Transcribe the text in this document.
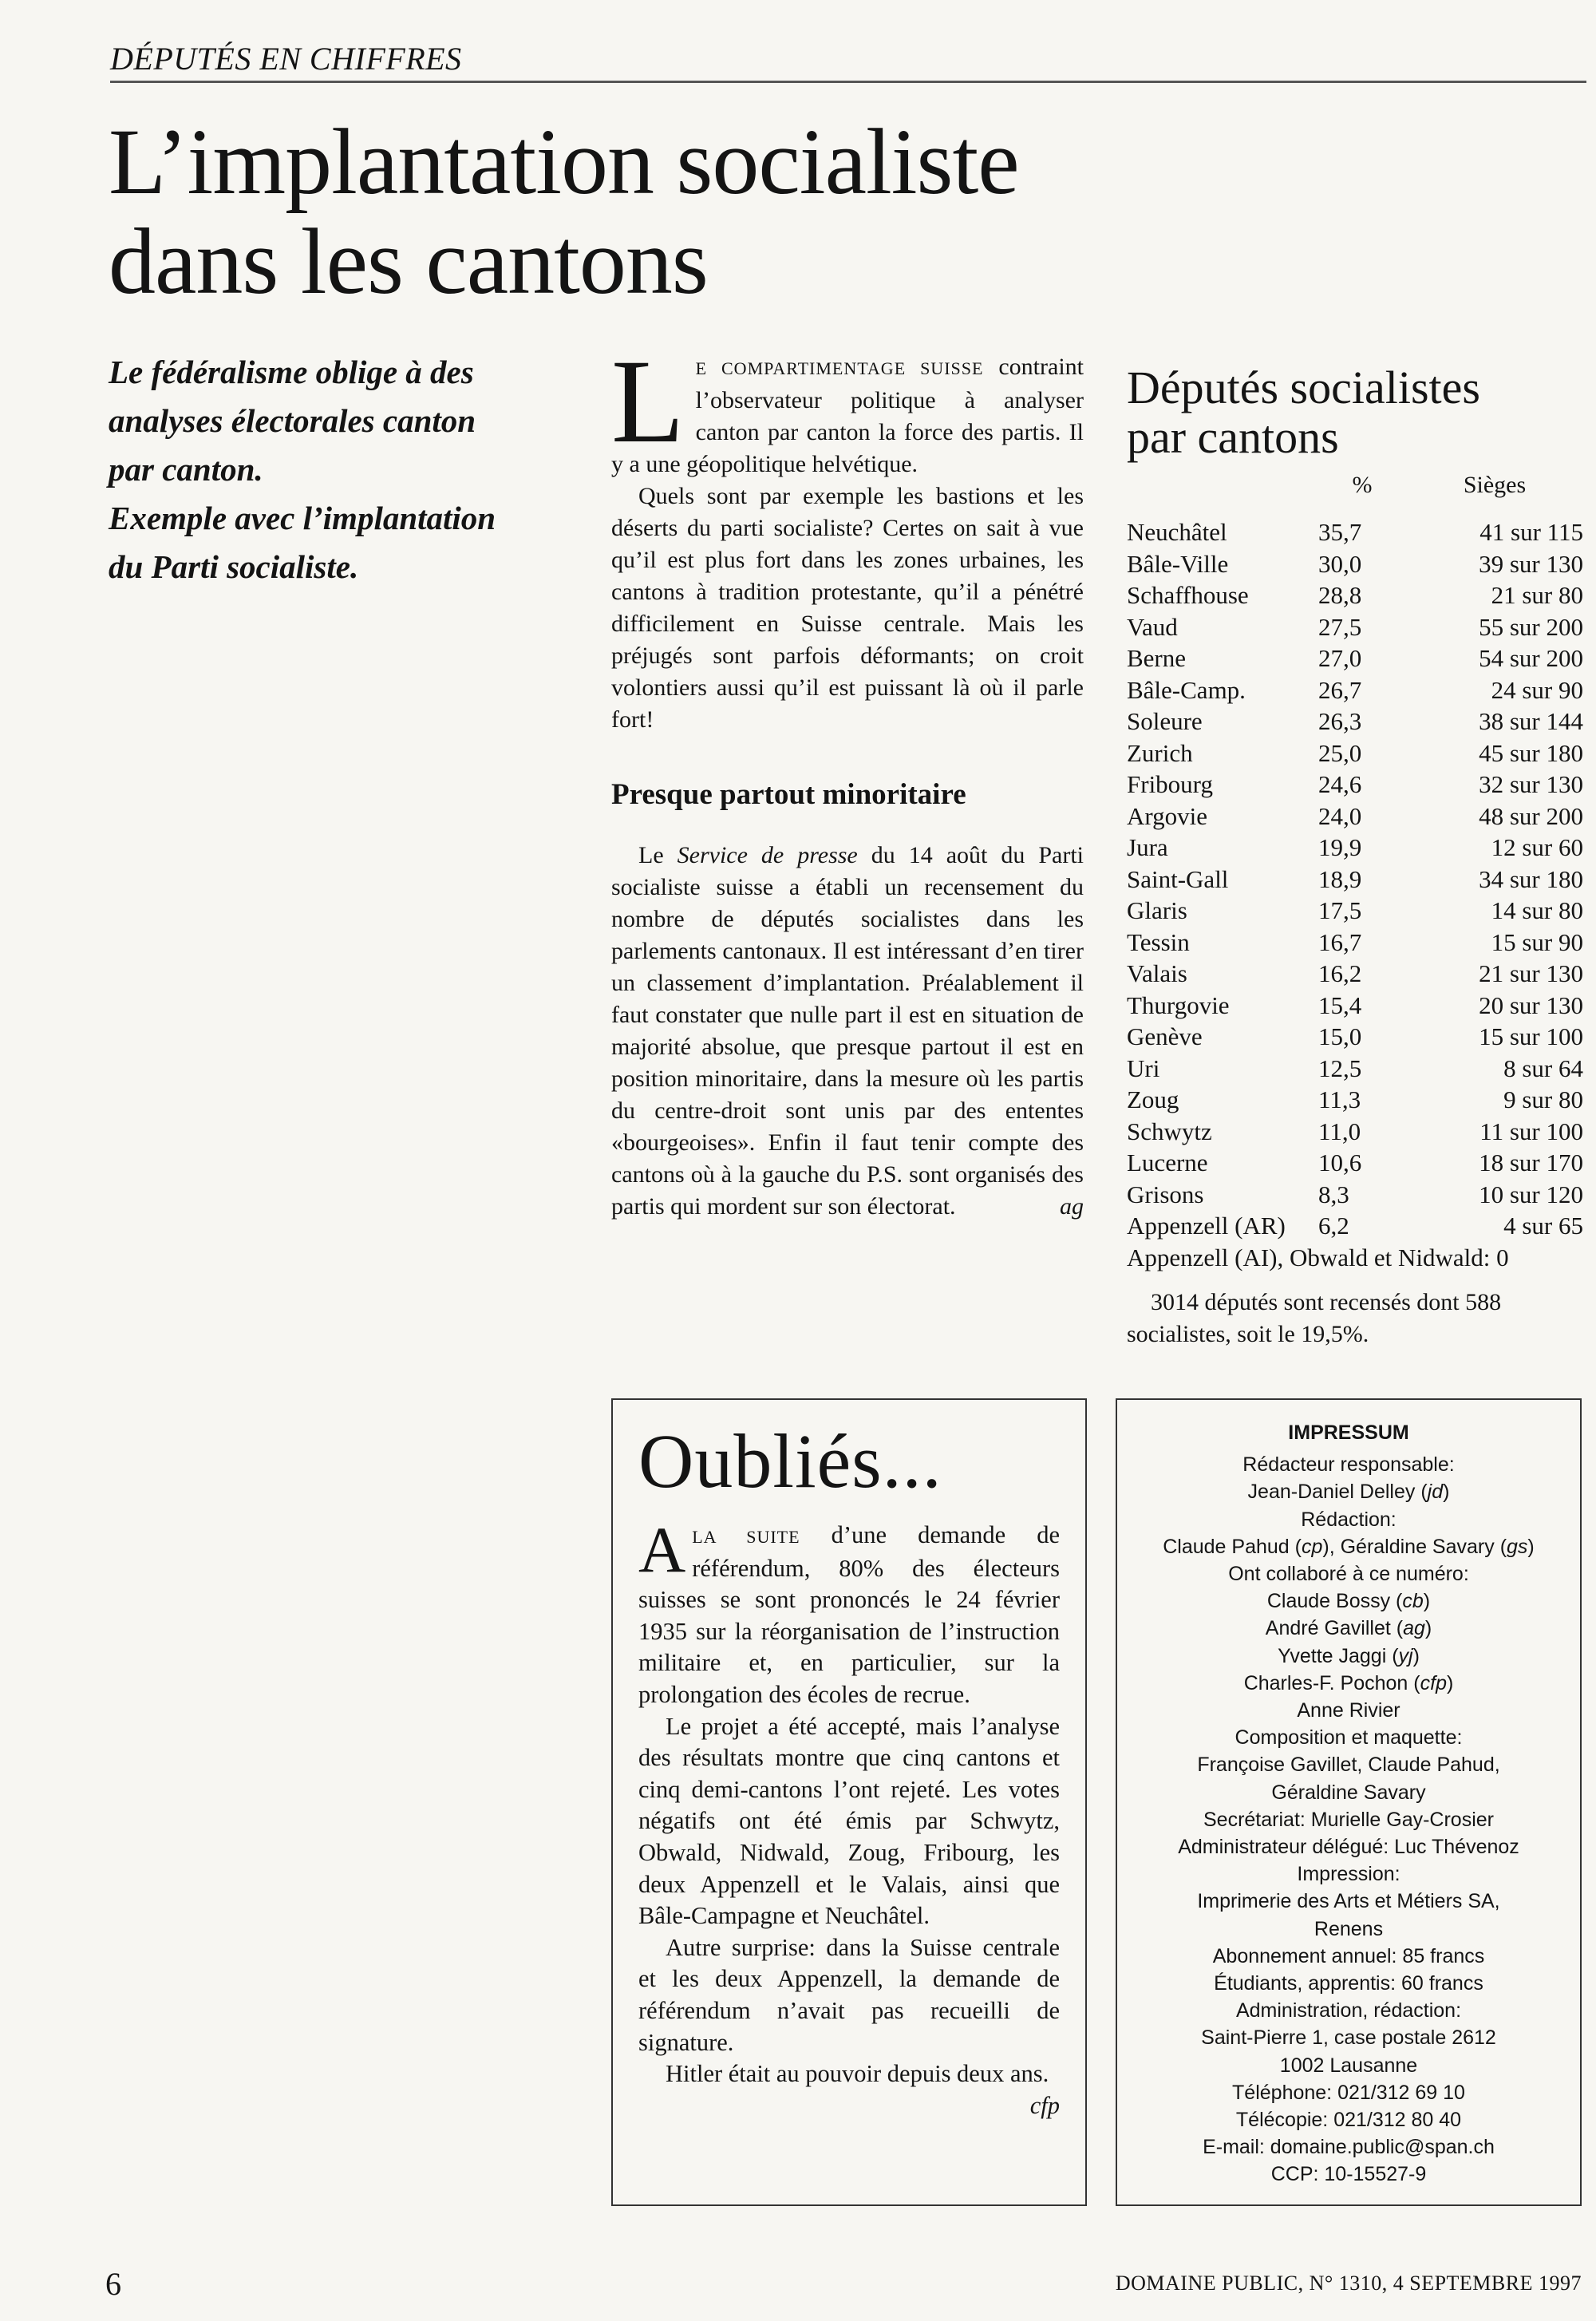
DÉPUTÉS EN CHIFFRES
L’implantation socialiste
dans les cantons
Le fédéralisme oblige à des
analyses électorales canton
par canton.
Exemple avec l’implantation
du Parti socialiste.

LE COMPARTIMENTAGE SUISSE contraint l’observateur politique à analyser canton par canton la force des partis. Il y a une géopolitique helvétique.

Quels sont par exemple les bastions et les déserts du parti socialiste? Certes on sait à vue qu’il est plus fort dans les zones urbaines, les cantons à tradition protestante, qu’il a pénétré difficilement en Suisse centrale. Mais les préjugés sont parfois déformants; on croit volontiers aussi qu’il est puissant là où il parle fort!

Presque partout minoritaire

Le Service de presse du 14 août du Parti socialiste suisse a établi un recensement du nombre de députés socialistes dans les parlements cantonaux. Il est intéressant d’en tirer un classement d’implantation. Préalablement il faut constater que nulle part il est en situation de majorité absolue, que presque partout il est en position minoritaire, dans la mesure où les partis du centre-droit sont unis par des ententes «bourgeoises». Enfin il faut tenir compte des cantons où à la gauche du P.S. sont organisés des partis qui mordent sur son électorat.	ag

Députés socialistes
par cantons
	%	Sièges
Neuchâtel	35,7	41 sur 115
Bâle-Ville	30,0	39 sur 130
Schaffhouse	28,8	21 sur 80
Vaud	27,5	55 sur 200
Berne	27,0	54 sur 200
Bâle-Camp.	26,7	24 sur 90
Soleure	26,3	38 sur 144
Zurich	25,0	45 sur 180
Fribourg	24,6	32 sur 130
Argovie	24,0	48 sur 200
Jura	19,9	12 sur 60
Saint-Gall	18,9	34 sur 180
Glaris	17,5	14 sur 80
Tessin	16,7	15 sur 90
Valais	16,2	21 sur 130
Thurgovie	15,4	20 sur 130
Genève	15,0	15 sur 100
Uri	12,5	8 sur 64
Zoug	11,3	9 sur 80
Schwytz	11,0	11 sur 100
Lucerne	10,6	18 sur 170
Grisons	8,3	10 sur 120
Appenzell (AR)	6,2	4 sur 65
Appenzell (AI), Obwald et Nidwald: 0
3014 députés sont recensés dont 588 socialistes, soit le 19,5%.
Oubliés...

ALA SUITE d’une demande de référendum, 80% des électeurs suisses se sont prononcés le 24 février 1935 sur la réorganisation de l’instruction militaire et, en particulier, sur la prolongation des écoles de recrue.

Le projet a été accepté, mais l’analyse des résultats montre que cinq cantons et cinq demi-cantons l’ont rejeté. Les votes négatifs ont été émis par Schwytz, Obwald, Nidwald, Zoug, Fribourg, les deux Appenzell et le Valais, ainsi que Bâle-Campagne et Neuchâtel.

Autre surprise: dans la Suisse centrale et les deux Appenzell, la demande de référendum n’avait pas recueilli de signature.

Hitler était au pouvoir depuis deux ans.
cfp

IMPRESSUM
Rédacteur responsable:
Jean-Daniel Delley (jd)
Rédaction:
Claude Pahud (cp), Géraldine Savary (gs)
Ont collaboré à ce numéro:
Claude Bossy (cb)
André Gavillet (ag)
Yvette Jaggi (yj)
Charles-F. Pochon (cfp)
Anne Rivier
Composition et maquette:
Françoise Gavillet, Claude Pahud,
Géraldine Savary
Secrétariat: Murielle Gay-Crosier
Administrateur délégué: Luc Thévenoz
Impression:
Imprimerie des Arts et Métiers SA,
Renens
Abonnement annuel: 85 francs
Étudiants, apprentis: 60 francs
Administration, rédaction:
Saint-Pierre 1, case postale 2612
1002 Lausanne
Téléphone: 021/312 69 10
Télécopie: 021/312 80 40
E-mail: domaine.public@span.ch
CCP: 10-15527-9
6	DOMAINE PUBLIC, N° 1310, 4 SEPTEMBRE 1997
